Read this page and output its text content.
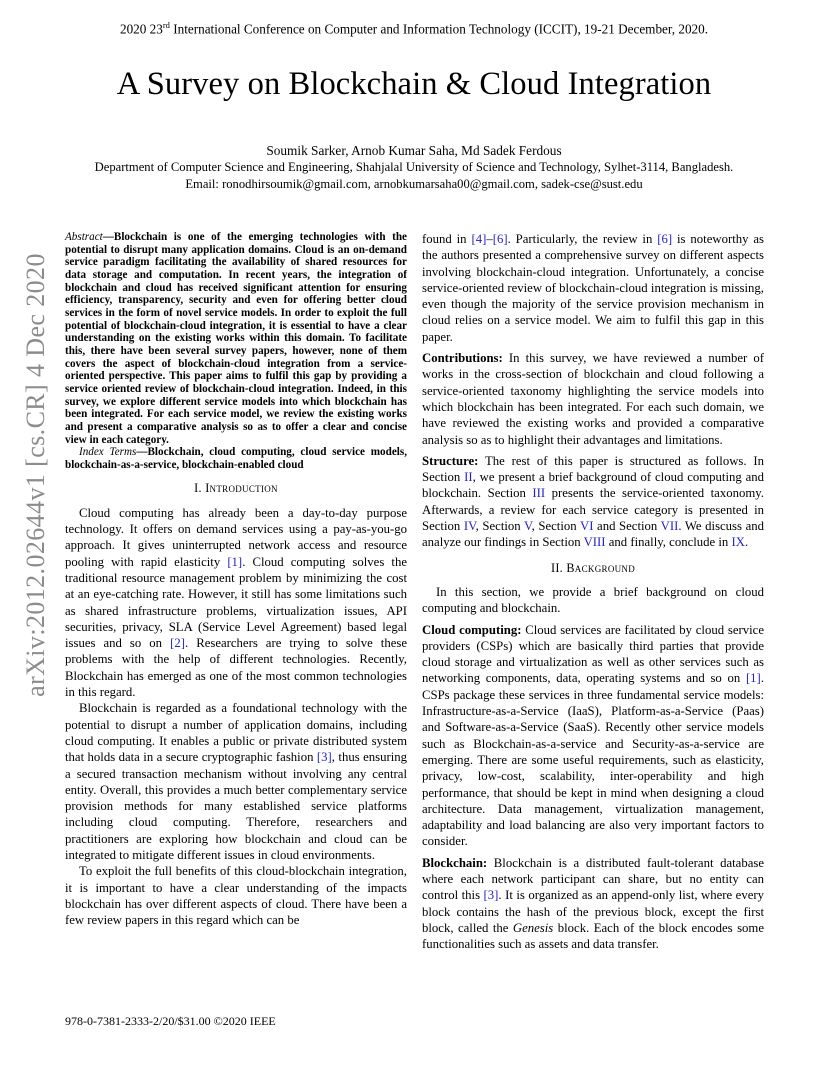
2020 23rd International Conference on Computer and Information Technology (ICCIT), 19-21 December, 2020.
A Survey on Blockchain & Cloud Integration
Soumik Sarker, Arnob Kumar Saha, Md Sadek Ferdous
Department of Computer Science and Engineering, Shahjalal University of Science and Technology, Sylhet-3114, Bangladesh.
Email: ronodhirsoumik@gmail.com, arnobkumarsaha00@gmail.com, sadek-cse@sust.edu
arXiv:2012.02644v1 [cs.CR] 4 Dec 2020

Abstract—Blockchain is one of the emerging technologies with the potential to disrupt many application domains. Cloud is an on-demand service paradigm facilitating the availability of shared resources for data storage and computation. In recent years, the integration of blockchain and cloud has received significant attention for ensuring efficiency, transparency, security and even for offering better cloud services in the form of novel service models. In order to exploit the full potential of blockchain-cloud integration, it is essential to have a clear understanding on the existing works within this domain. To facilitate this, there have been several survey papers, however, none of them covers the aspect of blockchain-cloud integration from a service-oriented perspective. This paper aims to fulfil this gap by providing a service oriented review of blockchain-cloud integration. Indeed, in this survey, we explore different service models into which blockchain has been integrated. For each service model, we review the existing works and present a comparative analysis so as to offer a clear and concise view in each category.

Index Terms—Blockchain, cloud computing, cloud service models, blockchain-as-a-service, blockchain-enabled cloud

I. Introduction

Cloud computing has already been a day-to-day purpose technology. It offers on demand services using a pay-as-you-go approach. It gives uninterrupted network access and resource pooling with rapid elasticity [1]. Cloud computing solves the traditional resource management problem by minimizing the cost at an eye-catching rate. However, it still has some limitations such as shared infrastructure problems, virtualization issues, API securities, privacy, SLA (Service Level Agreement) based legal issues and so on [2]. Researchers are trying to solve these problems with the help of different technologies. Recently, Blockchain has emerged as one of the most common technologies in this regard.

Blockchain is regarded as a foundational technology with the potential to disrupt a number of application domains, including cloud computing. It enables a public or private distributed system that holds data in a secure cryptographic fashion [3], thus ensuring a secured transaction mechanism without involving any central entity. Overall, this provides a much better complementary service provision methods for many established service platforms including cloud computing. Therefore, researchers and practitioners are exploring how blockchain and cloud can be integrated to mitigate different issues in cloud environments.

To exploit the full benefits of this cloud-blockchain integration, it is important to have a clear understanding of the impacts blockchain has over different aspects of cloud. There have been a few review papers in this regard which can be

found in [4]–[6]. Particularly, the review in [6] is noteworthy as the authors presented a comprehensive survey on different aspects involving blockchain-cloud integration. Unfortunately, a concise service-oriented review of blockchain-cloud integration is missing, even though the majority of the service provision mechanism in cloud relies on a service model. We aim to fulfil this gap in this paper.

Contributions: In this survey, we have reviewed a number of works in the cross-section of blockchain and cloud following a service-oriented taxonomy highlighting the service models into which blockchain has been integrated. For each such domain, we have reviewed the existing works and provided a comparative analysis so as to highlight their advantages and limitations.

Structure: The rest of this paper is structured as follows. In Section II, we present a brief background of cloud computing and blockchain. Section III presents the service-oriented taxonomy. Afterwards, a review for each service category is presented in Section IV, Section V, Section VI and Section VII. We discuss and analyze our findings in Section VIII and finally, conclude in IX.

II. Background

In this section, we provide a brief background on cloud computing and blockchain.

Cloud computing: Cloud services are facilitated by cloud service providers (CSPs) which are basically third parties that provide cloud storage and virtualization as well as other services such as networking components, data, operating systems and so on [1]. CSPs package these services in three fundamental service models: Infrastructure-as-a-Service (IaaS), Platform-as-a-Service (Paas) and Software-as-a-Service (SaaS). Recently other service models such as Blockchain-as-a-service and Security-as-a-service are emerging. There are some useful requirements, such as elasticity, privacy, low-cost, scalability, inter-operability and high performance, that should be kept in mind when designing a cloud architecture. Data management, virtualization management, adaptability and load balancing are also very important factors to consider.

Blockchain: Blockchain is a distributed fault-tolerant database where each network participant can share, but no entity can control this [3]. It is organized as an append-only list, where every block contains the hash of the previous block, except the first block, called the Genesis block. Each of the block encodes some functionalities such as assets and data transfer.

978-0-7381-2333-2/20/$31.00 ©2020 IEEE
